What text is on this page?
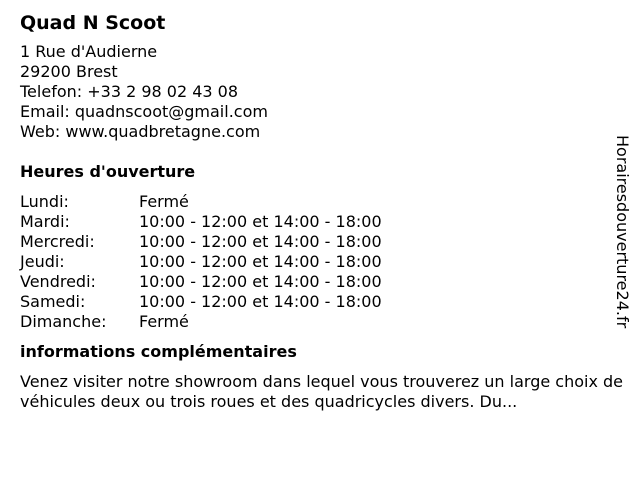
Quad N Scoot
1 Rue d'Audierne
29200 Brest
Telefon: +33 2 98 02 43 08
Email: quadnscoot@gmail.com
Web: www.quadbretagne.com
Heures d'ouverture
Lundi:	Fermé
Mardi:	10:00 - 12:00 et 14:00 - 18:00
Mercredi:	10:00 - 12:00 et 14:00 - 18:00
Jeudi:	10:00 - 12:00 et 14:00 - 18:00
Vendredi:	10:00 - 12:00 et 14:00 - 18:00
Samedi:	10:00 - 12:00 et 14:00 - 18:00
Dimanche:	Fermé
informations complémentaires
Venez visiter notre showroom dans lequel vous trouverez un large choix de véhicules deux ou trois roues et des quadricycles divers. Du...
Horairesdouverture24.fr
